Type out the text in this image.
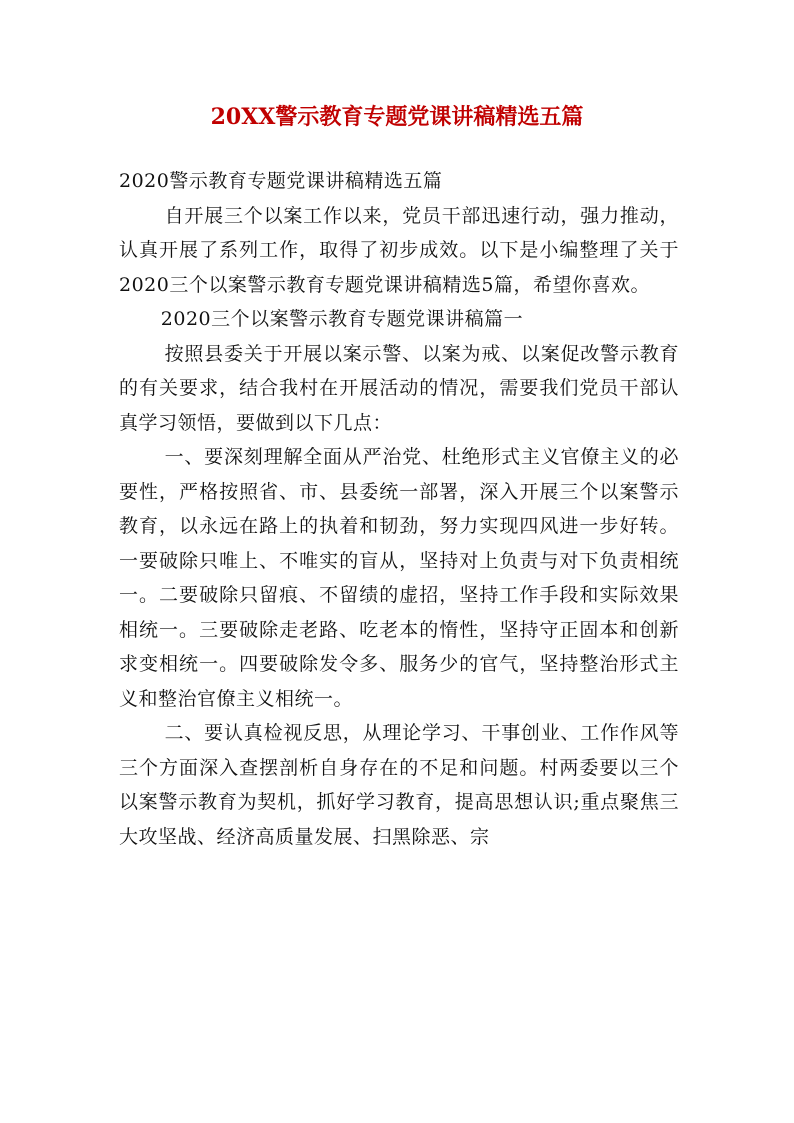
20XX警示教育专题党课讲稿精选五篇

2020警示教育专题党课讲稿精选五篇

自开展三个以案工作以来，党员干部迅速行动，强力推动，认真开展了系列工作，取得了初步成效。以下是小编整理了关于2020三个以案警示教育专题党课讲稿精选5篇，希望你喜欢。

2020三个以案警示教育专题党课讲稿篇一

按照县委关于开展以案示警、以案为戒、以案促改警示教育的有关要求，结合我村在开展活动的情况，需要我们党员干部认真学习领悟，要做到以下几点：

一、要深刻理解全面从严治党、杜绝形式主义官僚主义的必要性，严格按照省、市、县委统一部署，深入开展三个以案警示教育，以永远在路上的执着和韧劲，努力实现四风进一步好转。一要破除只唯上、不唯实的盲从，坚持对上负责与对下负责相统一。二要破除只留痕、不留绩的虚招，坚持工作手段和实际效果相统一。三要破除走老路、吃老本的惰性，坚持守正固本和创新求变相统一。四要破除发令多、服务少的官气，坚持整治形式主义和整治官僚主义相统一。

二、要认真检视反思，从理论学习、干事创业、工作作风等三个方面深入查摆剖析自身存在的不足和问题。村两委要以三个以案警示教育为契机，抓好学习教育，提高思想认识;重点聚焦三大攻坚战、经济高质量发展、扫黑除恶、宗
